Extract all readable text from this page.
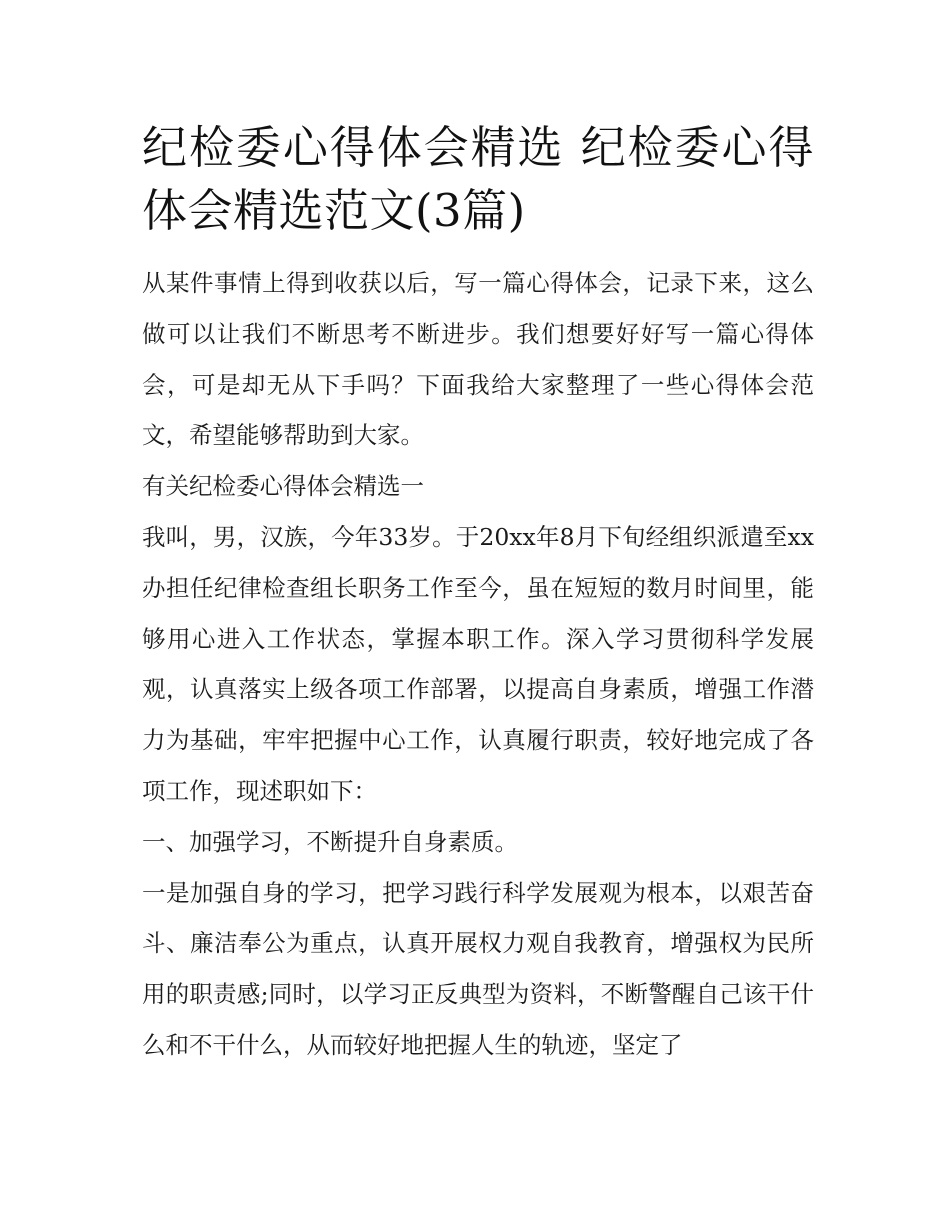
纪检委心得体会精选 纪检委心得体会精选范文(3篇)

从某件事情上得到收获以后，写一篇心得体会，记录下来，这么做可以让我们不断思考不断进步。我们想要好好写一篇心得体会，可是却无从下手吗？下面我给大家整理了一些心得体会范文，希望能够帮助到大家。

有关纪检委心得体会精选一

我叫，男，汉族，今年33岁。于20xx年8月下旬经组织派遣至xx办担任纪律检查组长职务工作至今，虽在短短的数月时间里，能够用心进入工作状态，掌握本职工作。深入学习贯彻科学发展观，认真落实上级各项工作部署，以提高自身素质，增强工作潜力为基础，牢牢把握中心工作，认真履行职责，较好地完成了各项工作，现述职如下：

一、加强学习，不断提升自身素质。

一是加强自身的学习，把学习践行科学发展观为根本，以艰苦奋斗、廉洁奉公为重点，认真开展权力观自我教育，增强权为民所用的职责感;同时，以学习正反典型为资料，不断警醒自己该干什么和不干什么，从而较好地把握人生的轨迹，坚定了
